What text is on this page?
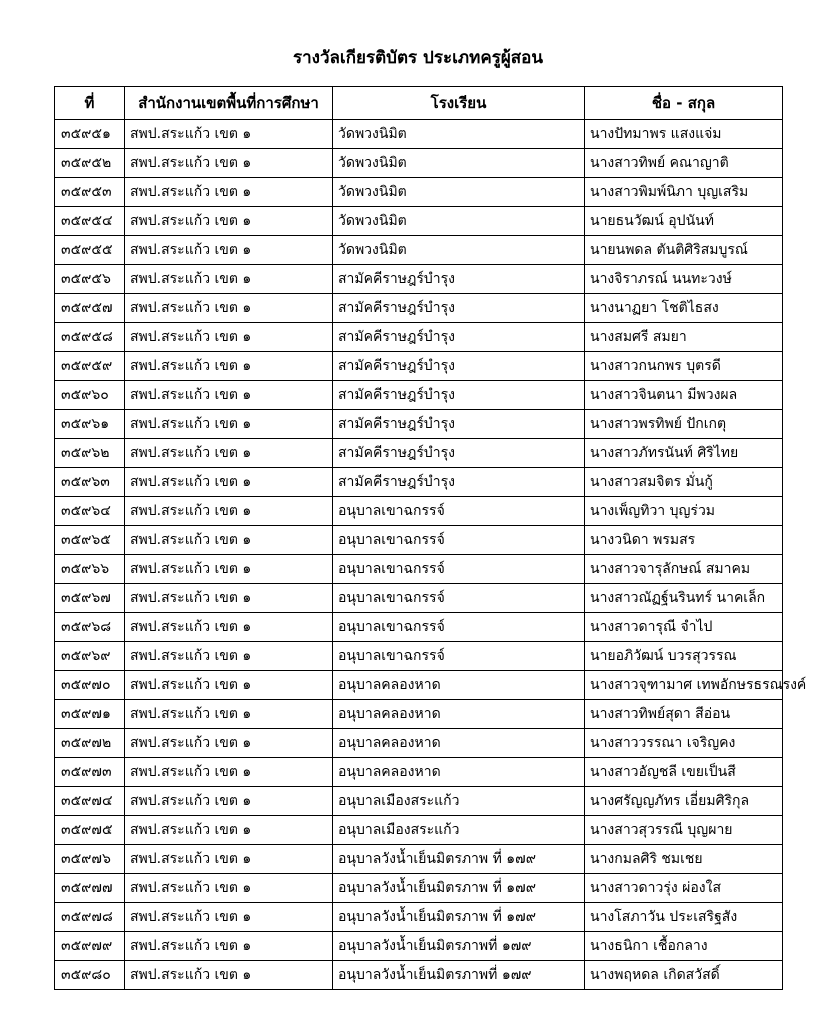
รางวัลเกียรติบัตร ประเภทครูผู้สอน
ที่	สำนักงานเขตพื้นที่การศึกษา	โรงเรียน	ชื่อ - สกุล
๓๕๙๕๑	สพป.สระแก้ว เขต ๑	วัดพวงนิมิต	นางปัทมาพร แสงแจ่ม
๓๕๙๕๒	สพป.สระแก้ว เขต ๑	วัดพวงนิมิต	นางสาวทิพย์ คณาญาติ
๓๕๙๕๓	สพป.สระแก้ว เขต ๑	วัดพวงนิมิต	นางสาวพิมพ์นิภา บุญเสริม
๓๕๙๕๔	สพป.สระแก้ว เขต ๑	วัดพวงนิมิต	นายธนวัฒน์ อุปนันท์
๓๕๙๕๕	สพป.สระแก้ว เขต ๑	วัดพวงนิมิต	นายนพดล ตันติศิริสมบูรณ์
๓๕๙๕๖	สพป.สระแก้ว เขต ๑	สามัคคีราษฎร์บำรุง	นางจิราภรณ์ นนทะวงษ์
๓๕๙๕๗	สพป.สระแก้ว เขต ๑	สามัคคีราษฎร์บำรุง	นางนาฏยา โชติไธสง
๓๕๙๕๘	สพป.สระแก้ว เขต ๑	สามัคคีราษฎร์บำรุง	นางสมศรี สมยา
๓๕๙๕๙	สพป.สระแก้ว เขต ๑	สามัคคีราษฎร์บำรุง	นางสาวกนกพร บุตรดี
๓๕๙๖๐	สพป.สระแก้ว เขต ๑	สามัคคีราษฎร์บำรุง	นางสาวจินตนา มีพวงผล
๓๕๙๖๑	สพป.สระแก้ว เขต ๑	สามัคคีราษฎร์บำรุง	นางสาวพรทิพย์ ปักเกตุ
๓๕๙๖๒	สพป.สระแก้ว เขต ๑	สามัคคีราษฎร์บำรุง	นางสาวภัทรนันท์ ศิริไทย
๓๕๙๖๓	สพป.สระแก้ว เขต ๑	สามัคคีราษฎร์บำรุง	นางสาวสมจิตร มั่นกู้
๓๕๙๖๔	สพป.สระแก้ว เขต ๑	อนุบาลเขาฉกรรจ์	นางเพ็ญทิวา บุญร่วม
๓๕๙๖๕	สพป.สระแก้ว เขต ๑	อนุบาลเขาฉกรรจ์	นางวนิดา พรมสร
๓๕๙๖๖	สพป.สระแก้ว เขต ๑	อนุบาลเขาฉกรรจ์	นางสาวจารุลักษณ์ สมาคม
๓๕๙๖๗	สพป.สระแก้ว เขต ๑	อนุบาลเขาฉกรรจ์	นางสาวณัฏฐ์นรินทร์ นาคเล็ก
๓๕๙๖๘	สพป.สระแก้ว เขต ๑	อนุบาลเขาฉกรรจ์	นางสาวดารุณี จำไป
๓๕๙๖๙	สพป.สระแก้ว เขต ๑	อนุบาลเขาฉกรรจ์	นายอภิวัฒน์ บวรสุวรรณ
๓๕๙๗๐	สพป.สระแก้ว เขต ๑	อนุบาลคลองหาด	นางสาวจุฑามาศ เทพอักษรธรณรงค์
๓๕๙๗๑	สพป.สระแก้ว เขต ๑	อนุบาลคลองหาด	นางสาวทิพย์สุดา สีอ่อน
๓๕๙๗๒	สพป.สระแก้ว เขต ๑	อนุบาลคลองหาด	นางสาววรรณา เจริญคง
๓๕๙๗๓	สพป.สระแก้ว เขต ๑	อนุบาลคลองหาด	นางสาวอัญชลี เขยเป็นสี
๓๕๙๗๔	สพป.สระแก้ว เขต ๑	อนุบาลเมืองสระแก้ว	นางศรัญญภัทร เอี่ยมศิริกุล
๓๕๙๗๕	สพป.สระแก้ว เขต ๑	อนุบาลเมืองสระแก้ว	นางสาวสุวรรณี บุญผาย
๓๕๙๗๖	สพป.สระแก้ว เขต ๑	อนุบาลวังน้ำเย็นมิตรภาพ ที่ ๑๗๙	นางกมลศิริ ชมเชย
๓๕๙๗๗	สพป.สระแก้ว เขต ๑	อนุบาลวังน้ำเย็นมิตรภาพ ที่ ๑๗๙	นางสาวดาวรุ่ง ผ่องใส
๓๕๙๗๘	สพป.สระแก้ว เขต ๑	อนุบาลวังน้ำเย็นมิตรภาพ ที่ ๑๗๙	นางโสภาวัน ประเสริฐสัง
๓๕๙๗๙	สพป.สระแก้ว เขต ๑	อนุบาลวังน้ำเย็นมิตรภาพที่ ๑๗๙	นางธนิกา เชื้อกลาง
๓๕๙๘๐	สพป.สระแก้ว เขต ๑	อนุบาลวังน้ำเย็นมิตรภาพที่ ๑๗๙	นางพฤหดล เกิดสวัสดิ์
